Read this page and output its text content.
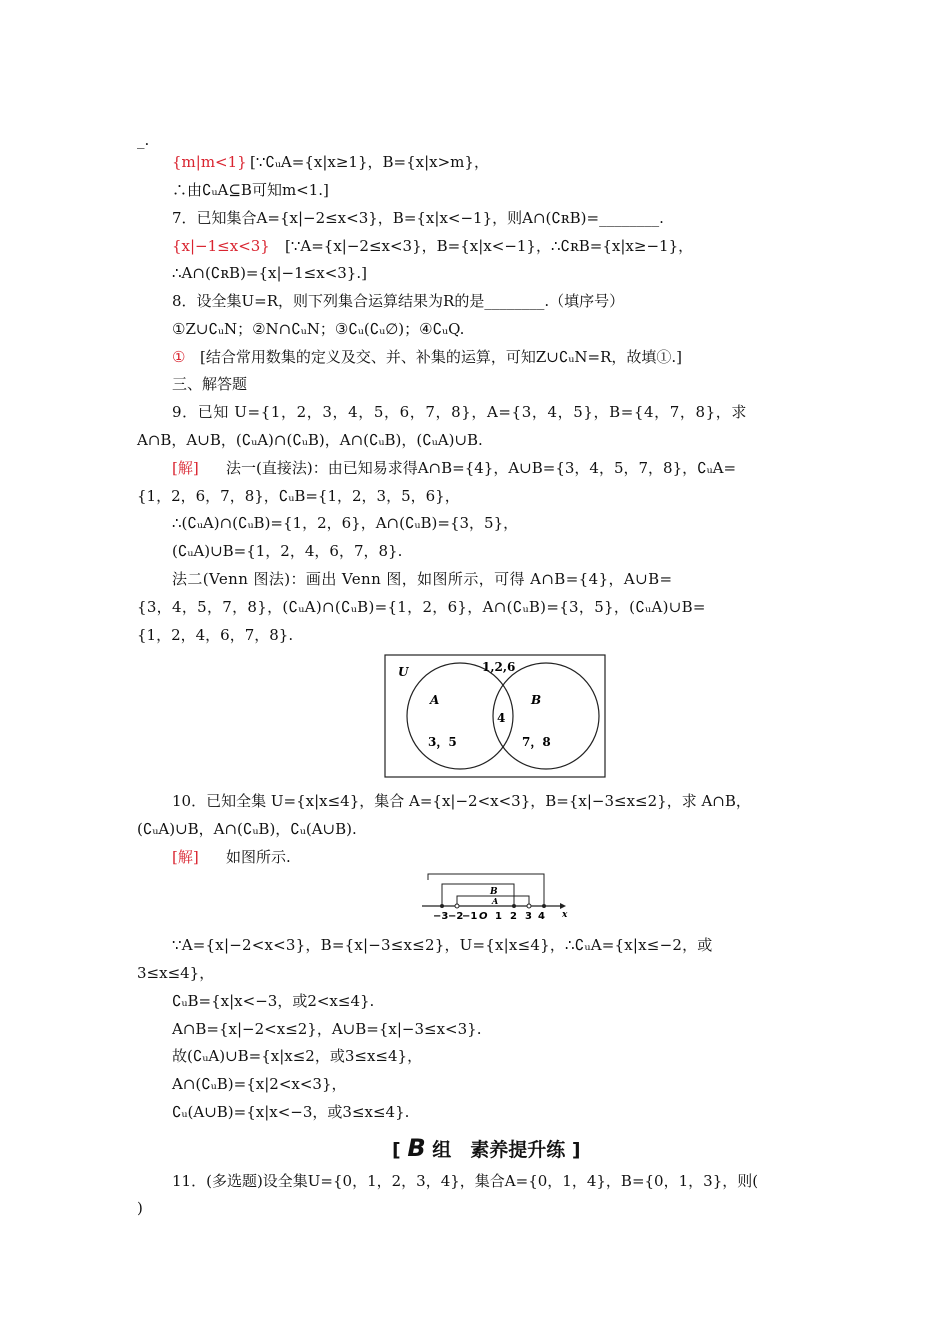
_.
{m|m<1} [∵∁ᵤA={x|x≥1}，B={x|x>m}，
∴由∁ᵤA⊆B可知m<1.]
7．已知集合A={x|−2≤x<3}，B={x|x<−1}，则A∩(∁ʀB)=________.
{x|−1≤x<3} [∵A={x|−2≤x<3}，B={x|x<−1}，∴∁ʀB={x|x≥−1}，
∴A∩(∁ʀB)={x|−1≤x<3}.]
8．设全集U=R，则下列集合运算结果为R的是________.（填序号）
①Z∪∁ᵤN；②N∩∁ᵤN；③∁ᵤ(∁ᵤ∅)；④∁ᵤQ.
① [结合常用数集的定义及交、并、补集的运算，可知Z∪∁ᵤN=R，故填①.]
三、解答题
9．已知 U={1，2，3，4，5，6，7，8}，A={3，4，5}，B={4，7，8}，求
A∩B，A∪B，(∁ᵤA)∩(∁ᵤB)，A∩(∁ᵤB)，(∁ᵤA)∪B.
[解] 法一(直接法)：由已知易求得A∩B={4}，A∪B={3，4，5，7，8}，∁ᵤA=
{1，2，6，7，8}，∁ᵤB={1，2，3，5，6}，
∴(∁ᵤA)∩(∁ᵤB)={1，2，6}，A∩(∁ᵤB)={3，5}，
(∁ᵤA)∪B={1，2，4，6，7，8}.
法二(Venn 图法)：画出 Venn 图，如图所示，可得 A∩B={4}，A∪B=
{3，4，5，7，8}，(∁ᵤA)∩(∁ᵤB)={1，2，6}，A∩(∁ᵤB)={3，5}，(∁ᵤA)∪B=
{1，2，4，6，7，8}.
U	1,2,6
A
3，5
4
B
7，8
10．已知全集 U={x|x≤4}，集合 A={x|−2<x<3}，B={x|−3≤x≤2}，求 A∩B，
(∁ᵤA)∪B，A∩(∁ᵤB)，∁ᵤ(A∪B).
[解] 如图所示.
B
A
−3 −2
−1 O 1 2 3 4 x
∵A={x|−2<x<3}，B={x|−3≤x≤2}，U={x|x≤4}，∴∁ᵤA={x|x≤−2，或
3≤x≤4}，
∁ᵤB={x|x<−3，或2<x≤4}.
A∩B={x|−2<x≤2}，A∪B={x|−3≤x<3}.
故(∁ᵤA)∪B={x|x≤2，或3≤x≤4}，
A∩(∁ᵤB)={x|2<x<3}，
∁ᵤ(A∪B)={x|x<−3，或3≤x≤4}.
[ B 组　素养提升练 ]
11．(多选题)设全集U={0，1，2，3，4}，集合A={0，1，4}，B={0，1，3}，则(
)
